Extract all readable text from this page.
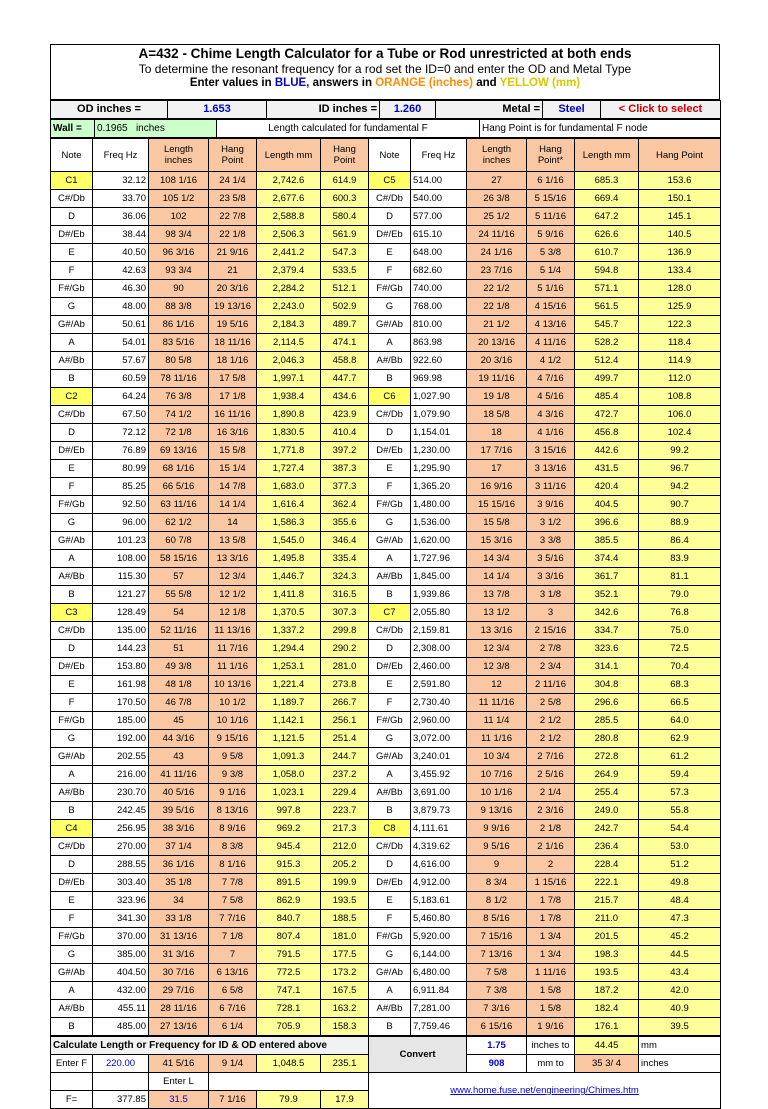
A=432 - Chime Length Calculator for a Tube or Rod unrestricted at both ends
To determine the resonant frequency for a rod set the ID=0 and enter the OD and Metal Type
Enter values in BLUE, answers in ORANGE (inches) and YELLOW (mm)
OD inches =	1.653	ID inches =	1.260	Metal =	Steel	< Click to select
Wall =	0.1965 inches	Length calculated for fundamental F	Hang Point is for fundamental F node
Note	Freq Hz	Length inches	Hang Point	Length mm	Hang Point	Note	Freq Hz	Length inches	Hang Point*	Length mm	Hang Point
C1	32.12	108 1/16	24 1/4	2,742.6	614.9	C5	514.00	27	6 1/16	685.3	153.6
C#/Db	33.70	105 1/2	23 5/8	2,677.6	600.3	C#/Db	540.00	26 3/8	5 15/16	669.4	150.1
D	36.06	102	22 7/8	2,588.8	580.4	D	577.00	25 1/2	5 11/16	647.2	145.1
D#/Eb	38.44	98 3/4	22 1/8	2,506.3	561.9	D#/Eb	615.10	24 11/16	5 9/16	626.6	140.5
E	40.50	96 3/16	21 9/16	2,441.2	547.3	E	648.00	24 1/16	5 3/8	610.7	136.9
F	42.63	93 3/4	21	2,379.4	533.5	F	682.60	23 7/16	5 1/4	594.8	133.4
F#/Gb	46.30	90	20 3/16	2,284.2	512.1	F#/Gb	740.00	22 1/2	5 1/16	571.1	128.0
G	48.00	88 3/8	19 13/16	2,243.0	502.9	G	768.00	22 1/8	4 15/16	561.5	125.9
G#/Ab	50.61	86 1/16	19 5/16	2,184.3	489.7	G#/Ab	810.00	21 1/2	4 13/16	545.7	122.3
A	54.01	83 5/16	18 11/16	2,114.5	474.1	A	863.98	20 13/16	4 11/16	528.2	118.4
A#/Bb	57.67	80 5/8	18 1/16	2,046.3	458.8	A#/Bb	922.60	20 3/16	4 1/2	512.4	114.9
B	60.59	78 11/16	17 5/8	1,997.1	447.7	B	969.98	19 11/16	4 7/16	499.7	112.0
C2	64.24	76 3/8	17 1/8	1,938.4	434.6	C6	1,027.90	19 1/8	4 5/16	485.4	108.8
C#/Db	67.50	74 1/2	16 11/16	1,890.8	423.9	C#/Db	1,079.90	18 5/8	4 3/16	472.7	106.0
D	72.12	72 1/8	16 3/16	1,830.5	410.4	D	1,154.01	18	4 1/16	456.8	102.4
D#/Eb	76.89	69 13/16	15 5/8	1,771.8	397.2	D#/Eb	1,230.00	17 7/16	3 15/16	442.6	99.2
E	80.99	68 1/16	15 1/4	1,727.4	387.3	E	1,295.90	17	3 13/16	431.5	96.7
F	85.25	66 5/16	14 7/8	1,683.0	377.3	F	1,365.20	16 9/16	3 11/16	420.4	94.2
F#/Gb	92.50	63 11/16	14 1/4	1,616.4	362.4	F#/Gb	1,480.00	15 15/16	3 9/16	404.5	90.7
G	96.00	62 1/2	14	1,586.3	355.6	G	1,536.00	15 5/8	3 1/2	396.6	88.9
G#/Ab	101.23	60 7/8	13 5/8	1,545.0	346.4	G#/Ab	1,620.00	15 3/16	3 3/8	385.5	86.4
A	108.00	58 15/16	13 3/16	1,495.8	335.4	A	1,727.96	14 3/4	3 5/16	374.4	83.9
A#/Bb	115.30	57	12 3/4	1,446.7	324.3	A#/Bb	1,845.00	14 1/4	3 3/16	361.7	81.1
B	121.27	55 5/8	12 1/2	1,411.8	316.5	B	1,939.86	13 7/8	3 1/8	352.1	79.0
C3	128.49	54	12 1/8	1,370.5	307.3	C7	2,055.80	13 1/2	3	342.6	76.8
C#/Db	135.00	52 11/16	11 13/16	1,337.2	299.8	C#/Db	2,159.81	13 3/16	2 15/16	334.7	75.0
D	144.23	51	11 7/16	1,294.4	290.2	D	2,308.00	12 3/4	2 7/8	323.6	72.5
D#/Eb	153.80	49 3/8	11 1/16	1,253.1	281.0	D#/Eb	2,460.00	12 3/8	2 3/4	314.1	70.4
E	161.98	48 1/8	10 13/16	1,221.4	273.8	E	2,591.80	12	2 11/16	304.8	68.3
F	170.50	46 7/8	10 1/2	1,189.7	266.7	F	2,730.40	11 11/16	2 5/8	296.6	66.5
F#/Gb	185.00	45	10 1/16	1,142.1	256.1	F#/Gb	2,960.00	11 1/4	2 1/2	285.5	64.0
G	192.00	44 3/16	9 15/16	1,121.5	251.4	G	3,072.00	11 1/16	2 1/2	280.8	62.9
G#/Ab	202.55	43	9 5/8	1,091.3	244.7	G#/Ab	3,240.01	10 3/4	2 7/16	272.8	61.2
A	216.00	41 11/16	9 3/8	1,058.0	237.2	A	3,455.92	10 7/16	2 5/16	264.9	59.4
A#/Bb	230.70	40 5/16	9 1/16	1,023.1	229.4	A#/Bb	3,691.00	10 1/16	2 1/4	255.4	57.3
B	242.45	39 5/16	8 13/16	997.8	223.7	B	3,879.73	9 13/16	2 3/16	249.0	55.8
C4	256.95	38 3/16	8 9/16	969.2	217.3	C8	4,111.61	9 9/16	2 1/8	242.7	54.4
C#/Db	270.00	37 1/4	8 3/8	945.4	212.0	C#/Db	4,319.62	9 5/16	2 1/16	236.4	53.0
D	288.55	36 1/16	8 1/16	915.3	205.2	D	4,616.00	9	2	228.4	51.2
D#/Eb	303.40	35 1/8	7 7/8	891.5	199.9	D#/Eb	4,912.00	8 3/4	1 15/16	222.1	49.8
E	323.96	34	7 5/8	862.9	193.5	E	5,183.61	8 1/2	1 7/8	215.7	48.4
F	341.30	33 1/8	7 7/16	840.7	188.5	F	5,460.80	8 5/16	1 7/8	211.0	47.3
F#/Gb	370.00	31 13/16	7 1/8	807.4	181.0	F#/Gb	5,920.00	7 15/16	1 3/4	201.5	45.2
G	385.00	31 3/16	7	791.5	177.5	G	6,144.00	7 13/16	1 3/4	198.3	44.5
G#/Ab	404.50	30 7/16	6 13/16	772.5	173.2	G#/Ab	6,480.00	7 5/8	1 11/16	193.5	43.4
A	432.00	29 7/16	6 5/8	747.1	167.5	A	6,911.84	7 3/8	1 5/8	187.2	42.0
A#/Bb	455.11	28 11/16	6 7/16	728.1	163.2	A#/Bb	7,281.00	7 3/16	1 5/8	182.4	40.9
B	485.00	27 13/16	6 1/4	705.9	158.3	B	7,759.46	6 15/16	1 9/16	176.1	39.5
Calculate Length or Frequency for ID & OD entered above						Convert	1.75	inches to	44.45	mm
Enter F	220.00	41 5/16	9 1/4	1,048.5	235.1		908	mm to	35 3/ 4	inches
		Enter L				www.home.fuse.net/engineering/Chimes.htm				
F=	377.85	31.5	7 1/16	79.9	17.9					
